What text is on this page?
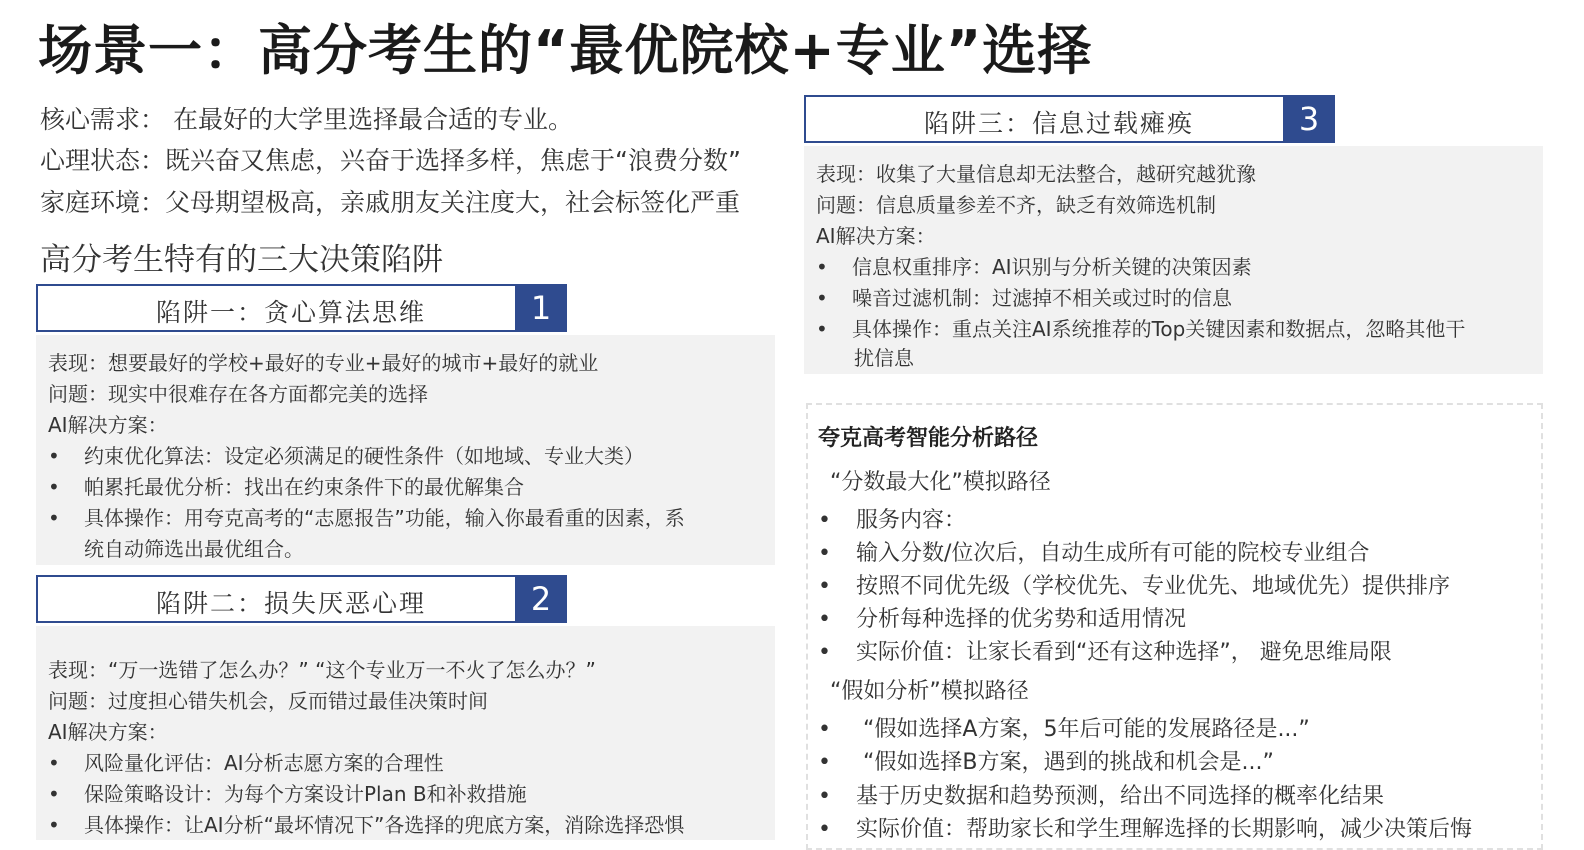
场景一：高分考生的“最优院校+专业”选择
核心需求： 在最好的大学里选择最合适的专业。
心理状态：既兴奋又焦虑，兴奋于选择多样，焦虑于“浪费分数”
家庭环境：父母期望极高，亲戚朋友关注度大，社会标签化严重
高分考生特有的三大决策陷阱
陷阱一：贪心算法思维	1
表现：想要最好的学校+最好的专业+最好的城市+最好的就业
问题：现实中很难存在各方面都完美的选择
AI解决方案：
• 约束优化算法：设定必须满足的硬性条件（如地域、专业大类）
• 帕累托最优分析：找出在约束条件下的最优解集合
• 具体操作：用夸克高考的“志愿报告”功能，输入你最看重的因素，系
统自动筛选出最优组合。
陷阱二：损失厌恶心理	2
表现：“万一选错了怎么办？” “这个专业万一不火了怎么办？”
问题：过度担心错失机会，反而错过最佳决策时间
AI解决方案：
• 风险量化评估：AI分析志愿方案的合理性
• 保险策略设计：为每个方案设计Plan B和补救措施
• 具体操作：让AI分析“最坏情况下”各选择的兜底方案，消除选择恐惧
陷阱三：信息过载瘫痪	3
表现：收集了大量信息却无法整合，越研究越犹豫
问题：信息质量参差不齐，缺乏有效筛选机制
AI解决方案：
• 信息权重排序：AI识别与分析关键的决策因素
• 噪音过滤机制：过滤掉不相关或过时的信息
• 具体操作：重点关注AI系统推荐的Top关键因素和数据点，忽略其他干
扰信息
夸克高考智能分析路径
“分数最大化”模拟路径
• 服务内容：
• 输入分数/位次后，自动生成所有可能的院校专业组合
• 按照不同优先级（学校优先、专业优先、地域优先）提供排序
• 分析每种选择的优劣势和适用情况
• 实际价值：让家长看到“还有这种选择”， 避免思维局限
“假如分析”模拟路径
• “假如选择A方案，5年后可能的发展路径是...”
• “假如选择B方案，遇到的挑战和机会是...”
• 基于历史数据和趋势预测，给出不同选择的概率化结果
• 实际价值：帮助家长和学生理解选择的长期影响，减少决策后悔
